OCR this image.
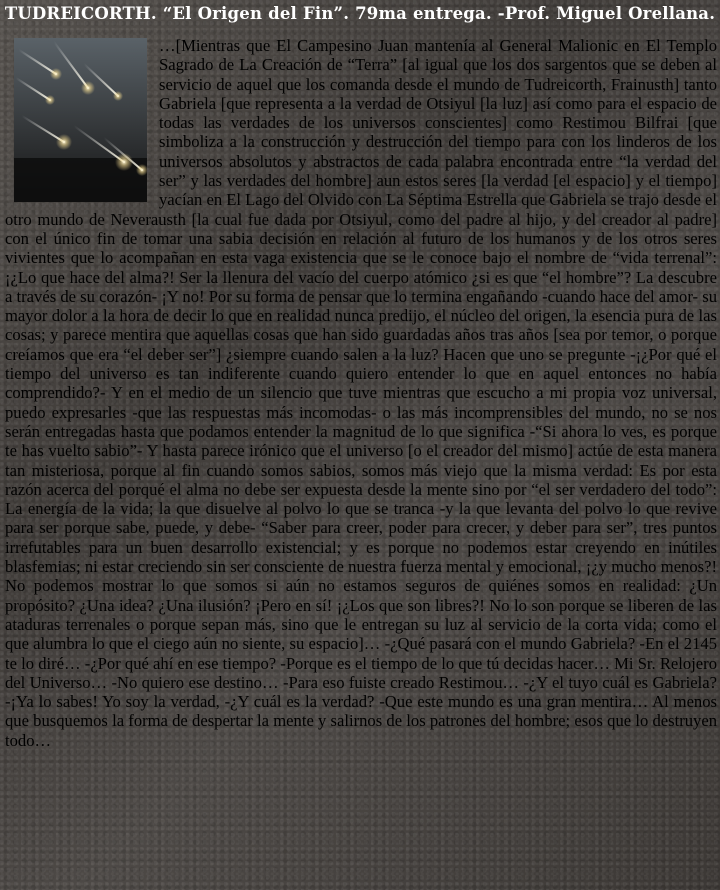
TUDREICORTH. “El Origen del Fin”. 79ma entrega. -Prof. Miguel Orellana.
…[Mientras que El Campesino Juan mantenía al General Malionic en El Templo Sagrado de La Creación de “Terra” [al igual que los dos sargentos que se deben al servicio de aquel que los comanda desde el mundo de Tudreicorth, Frainusth] tanto Gabriela [que representa a la verdad de Otsiyul [la luz] así como para el espacio de todas las verdades de los universos conscientes] como Restimou Bilfrai [que simboliza a la construcción y destrucción del tiempo para con los linderos de los universos absolutos y abstractos de cada palabra encontrada entre “la verdad del ser” y las verdades del hombre] aun estos seres [la verdad [el espacio] y el tiempo] yacían en El Lago del Olvido con La Séptima Estrella que Gabriela se trajo desde el otro mundo de Neverausth [la cual fue dada por Otsiyul, como del padre al hijo, y del creador al padre] con el único fin de tomar una sabia decisión en relación al futuro de los humanos y de los otros seres vivientes que lo acompañan en esta vaga existencia que se le conoce bajo el nombre de “vida terrenal”: ¡¿Lo que hace del alma?! Ser la llenura del vacío del cuerpo atómico ¿si es que “el hombre”? La descubre a través de su corazón- ¡Y no! Por su forma de pensar que lo termina engañando -cuando hace del amor- su mayor dolor a la hora de decir lo que en realidad nunca predijo, el núcleo del origen, la esencia pura de las cosas; y parece mentira que aquellas cosas que han sido guardadas años tras años [sea por temor, o porque creíamos que era “el deber ser”] ¿siempre cuando salen a la luz? Hacen que uno se pregunte -¡¿Por qué el tiempo del universo es tan indiferente cuando quiero entender lo que en aquel entonces no había comprendido?- Y en el medio de un silencio que tuve mientras que escucho a mi propia voz universal, puedo expresarles -que las respuestas más incomodas- o las más incomprensibles del mundo, no se nos serán entregadas hasta que podamos entender la magnitud de lo que significa -“Si ahora lo ves, es porque te has vuelto sabio”- Y hasta parece irónico que el universo [o el creador del mismo] actúe de esta manera tan misteriosa, porque al fin cuando somos sabios, somos más viejo que la misma verdad: Es por esta razón acerca del porqué el alma no debe ser expuesta desde la mente sino por “el ser verdadero del todo”: La energía de la vida; la que disuelve al polvo lo que se tranca -y la que levanta del polvo lo que revive para ser porque sabe, puede, y debe- “Saber para creer, poder para crecer, y deber para ser”, tres puntos irrefutables para un buen desarrollo existencial; y es porque no podemos estar creyendo en inútiles blasfemias; ni estar creciendo sin ser consciente de nuestra fuerza mental y emocional, ¡¿y mucho menos?! No podemos mostrar lo que somos si aún no estamos seguros de quiénes somos en realidad: ¿Un propósito? ¿Una idea? ¿Una ilusión? ¡Pero en sí! ¡¿Los que son libres?! No lo son porque se liberen de las ataduras terrenales o porque sepan más, sino que le entregan su luz al servicio de la corta vida; como el que alumbra lo que el ciego aún no siente, su espacio]… -¿Qué pasará con el mundo Gabriela? -En el 2145 te lo diré… -¿Por qué ahí en ese tiempo? -Porque es el tiempo de lo que tú decidas hacer… Mi Sr. Relojero del Universo… -No quiero ese destino… -Para eso fuiste creado Restimou… -¿Y el tuyo cuál es Gabriela? -¡Ya lo sabes! Yo soy la verdad, -¿Y cuál es la verdad? -Que este mundo es una gran mentira… Al menos que busquemos la forma de despertar la mente y salirnos de los patrones del hombre; esos que lo destruyen todo…
